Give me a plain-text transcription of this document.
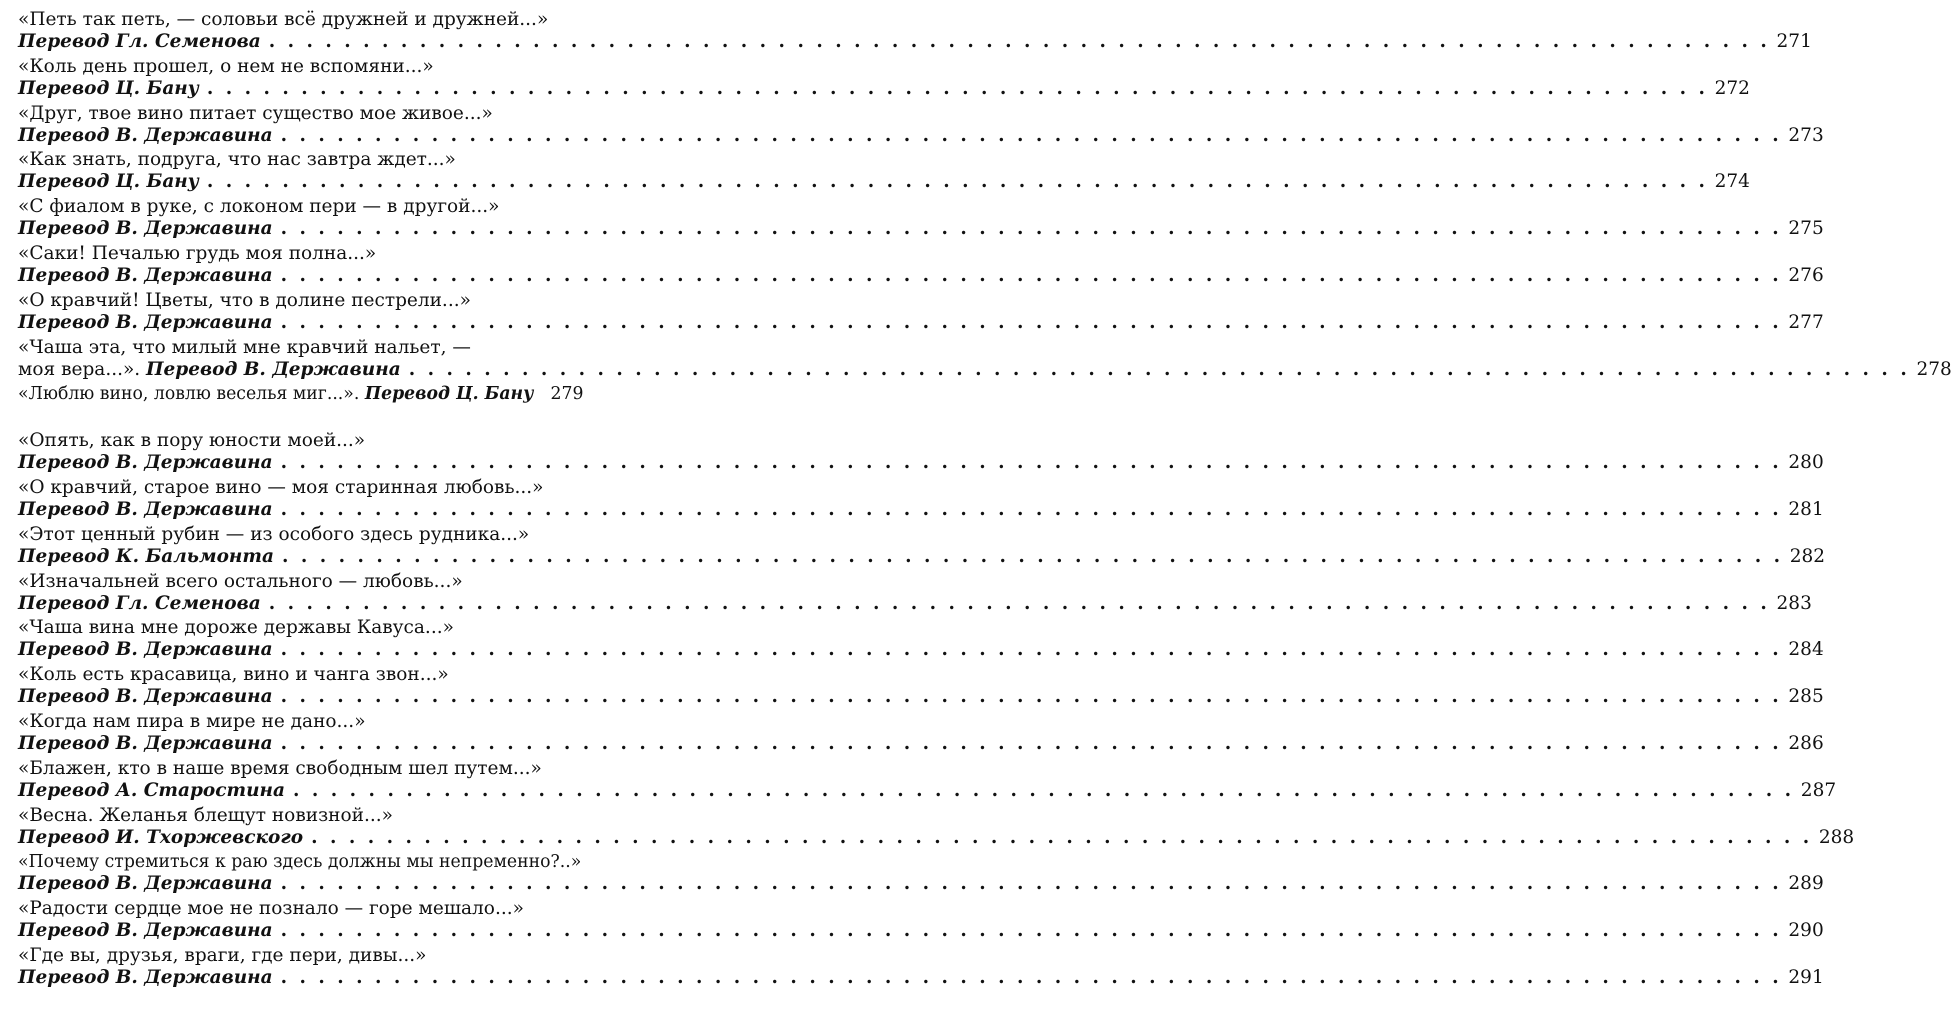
«Петь так петь, — соловьи всё дружней и дружней...»
Перевод Гл. Семенова . . . . . . . . . . . . . . . . . . . . . . . . . . . . . . . . . . . . . . . . . . . . . . . . . . . . . . . . . . . . . . . . . . . . . . . . . . . . . . . . 271
«Коль день прошел, о нем не вспомяни...»
Перевод Ц. Бану . . . . . . . . . . . . . . . . . . . . . . . . . . . . . . . . . . . . . . . . . . . . . . . . . . . . . . . . . . . . . . . . . . . . . . . . . . . . . . . . 272
«Друг, твое вино питает существо мое живое...»
Перевод В. Державина . . . . . . . . . . . . . . . . . . . . . . . . . . . . . . . . . . . . . . . . . . . . . . . . . . . . . . . . . . . . . . . . . . . . . . . . . . . . . . . . 273
«Как знать, подруга, что нас завтра ждет...»
Перевод Ц. Бану . . . . . . . . . . . . . . . . . . . . . . . . . . . . . . . . . . . . . . . . . . . . . . . . . . . . . . . . . . . . . . . . . . . . . . . . . . . . . . . . 274
«С фиалом в руке, с локоном пери — в другой...»
Перевод В. Державина . . . . . . . . . . . . . . . . . . . . . . . . . . . . . . . . . . . . . . . . . . . . . . . . . . . . . . . . . . . . . . . . . . . . . . . . . . . . . . . . 275
«Саки! Печалью грудь моя полна...»
Перевод В. Державина . . . . . . . . . . . . . . . . . . . . . . . . . . . . . . . . . . . . . . . . . . . . . . . . . . . . . . . . . . . . . . . . . . . . . . . . . . . . . . . . 276
«О кравчий! Цветы, что в долине пестрели...»
Перевод В. Державина . . . . . . . . . . . . . . . . . . . . . . . . . . . . . . . . . . . . . . . . . . . . . . . . . . . . . . . . . . . . . . . . . . . . . . . . . . . . . . . . 277
«Чаша эта, что милый мне кравчий нальет, —
моя вера...».
Перевод В. Державина . . . . . . . . . . . . . . . . . . . . . . . . . . . . . . . . . . . . . . . . . . . . . . . . . . . . . . . . . . . . . . . . . . . . . . . . . . . . . . . . 278
«Люблю вино, ловлю веселья миг...».
Перевод Ц. Бану 279
«Опять, как в пору юности моей...»
Перевод В. Державина . . . . . . . . . . . . . . . . . . . . . . . . . . . . . . . . . . . . . . . . . . . . . . . . . . . . . . . . . . . . . . . . . . . . . . . . . . . . . . . . 280
«О кравчий, старое вино — моя старинная любовь...»
Перевод В. Державина . . . . . . . . . . . . . . . . . . . . . . . . . . . . . . . . . . . . . . . . . . . . . . . . . . . . . . . . . . . . . . . . . . . . . . . . . . . . . . . . 281
«Этот ценный рубин — из особого здесь рудника...»
Перевод К. Бальмонта . . . . . . . . . . . . . . . . . . . . . . . . . . . . . . . . . . . . . . . . . . . . . . . . . . . . . . . . . . . . . . . . . . . . . . . . . . . . . . . . 282
«Изначальней всего остального — любовь...»
Перевод Гл. Семенова . . . . . . . . . . . . . . . . . . . . . . . . . . . . . . . . . . . . . . . . . . . . . . . . . . . . . . . . . . . . . . . . . . . . . . . . . . . . . . . . 283
«Чаша вина мне дороже державы Кавуса...»
Перевод В. Державина . . . . . . . . . . . . . . . . . . . . . . . . . . . . . . . . . . . . . . . . . . . . . . . . . . . . . . . . . . . . . . . . . . . . . . . . . . . . . . . . 284
«Коль есть красавица, вино и чанга звон...»
Перевод В. Державина . . . . . . . . . . . . . . . . . . . . . . . . . . . . . . . . . . . . . . . . . . . . . . . . . . . . . . . . . . . . . . . . . . . . . . . . . . . . . . . . 285
«Когда нам пира в мире не дано...»
Перевод В. Державина . . . . . . . . . . . . . . . . . . . . . . . . . . . . . . . . . . . . . . . . . . . . . . . . . . . . . . . . . . . . . . . . . . . . . . . . . . . . . . . . 286
«Блажен, кто в наше время свободным шел путем...»
Перевод А. Старостина . . . . . . . . . . . . . . . . . . . . . . . . . . . . . . . . . . . . . . . . . . . . . . . . . . . . . . . . . . . . . . . . . . . . . . . . . . . . . . . . 287
«Весна. Желанья блещут новизной...»
Перевод И. Тхоржевского . . . . . . . . . . . . . . . . . . . . . . . . . . . . . . . . . . . . . . . . . . . . . . . . . . . . . . . . . . . . . . . . . . . . . . . . . . . . . . . . 288
«Почему стремиться к раю здесь должны мы непременно?..»
Перевод В. Державина . . . . . . . . . . . . . . . . . . . . . . . . . . . . . . . . . . . . . . . . . . . . . . . . . . . . . . . . . . . . . . . . . . . . . . . . . . . . . . . . 289
«Радости сердце мое не познало — горе мешало...»
Перевод В. Державина . . . . . . . . . . . . . . . . . . . . . . . . . . . . . . . . . . . . . . . . . . . . . . . . . . . . . . . . . . . . . . . . . . . . . . . . . . . . . . . . 290
«Где вы, друзья, враги, где пери, дивы...»
Перевод В. Державина . . . . . . . . . . . . . . . . . . . . . . . . . . . . . . . . . . . . . . . . . . . . . . . . . . . . . . . . . . . . . . . . . . . . . . . . . . . . . . . . 291
